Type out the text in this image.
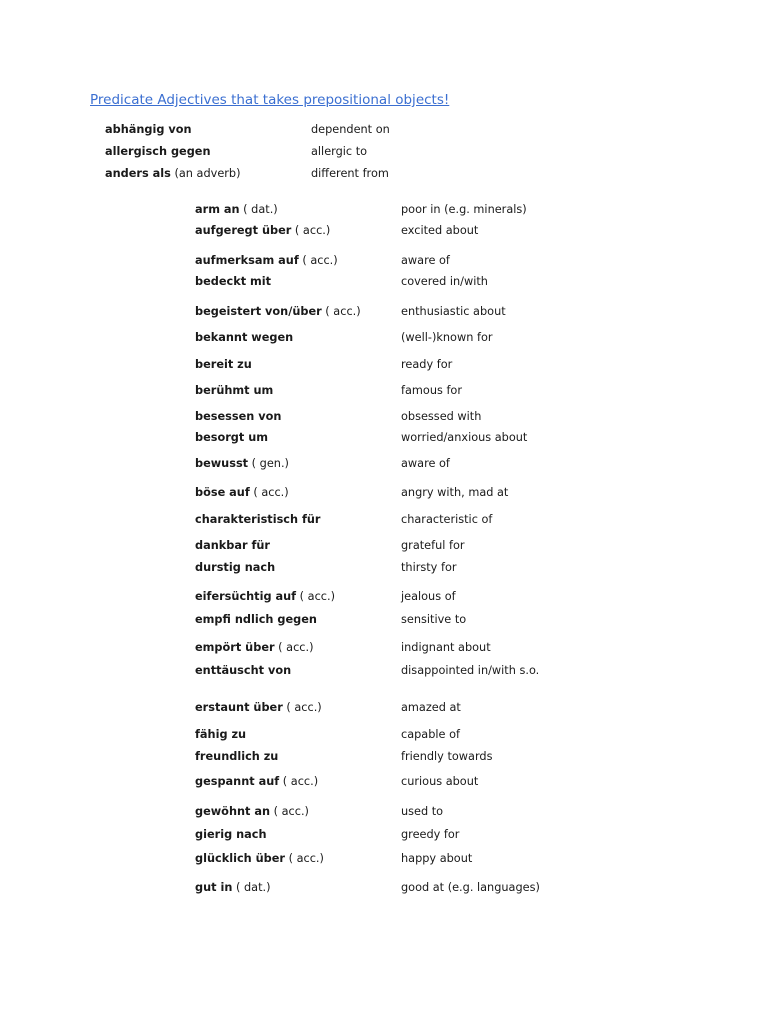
Predicate Adjectives that takes prepositional objects!
abhängig von	dependent on
allergisch gegen	allergic to
anders als (an adverb)	different from
arm an ( dat.)	poor in (e.g. minerals)
aufgeregt über ( acc.)	excited about
aufmerksam auf ( acc.)	aware of
bedeckt mit	covered in/with
begeistert von/über ( acc.)	enthusiastic about
bekannt wegen	(well-)known for
bereit zu	ready for
berühmt um	famous for
besessen von	obsessed with
besorgt um	worried/anxious about
bewusst ( gen.)	aware of
böse auf ( acc.)	angry with, mad at
charakteristisch für	characteristic of
dankbar für	grateful for
durstig nach	thirsty for
eifersüchtig auf ( acc.)	jealous of
empfi ndlich gegen	sensitive to
empört über ( acc.)	indignant about
enttäuscht von	disappointed in/with s.o.
erstaunt über ( acc.)	amazed at
fähig zu	capable of
freundlich zu	friendly towards
gespannt auf ( acc.)	curious about
gewöhnt an ( acc.)	used to
gierig nach	greedy for
glücklich über ( acc.)	happy about
gut in ( dat.)	good at (e.g. languages)
